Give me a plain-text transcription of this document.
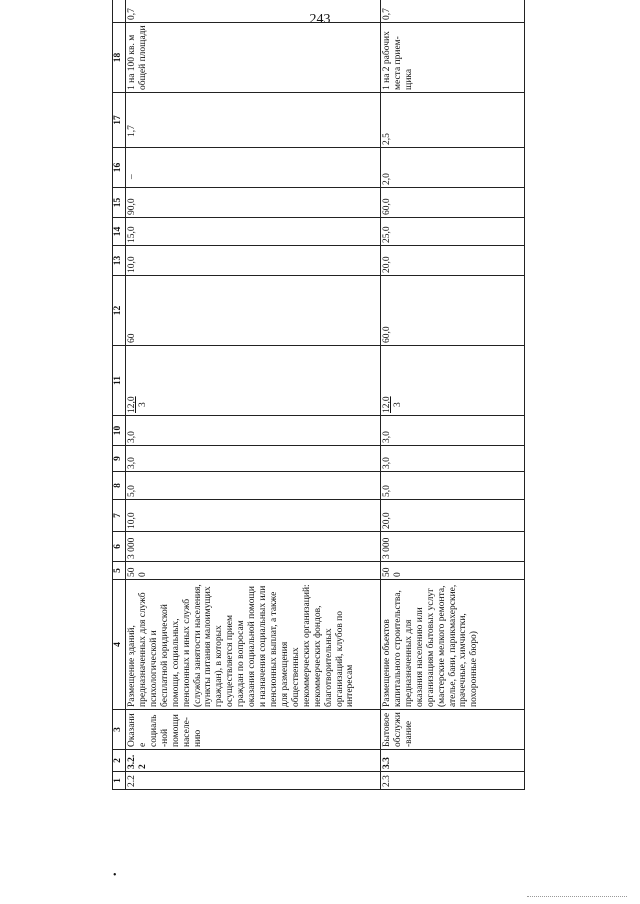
243
1	2	3	4	5	6	7	8	9	10	11	12	13	14	15	16	17	18	
2.2	3.2.2	Оказание социаль-ной помощи населе-нию	Размещение зданий, предназначенных для служб психологической и бесплатной юридической помощи, социальных, пенсионных и иных служб (службы занятости населения, пункты питания малоимущих граждан), в которых осуществляется прием граждан по вопросам оказания социальной помощи и назначения социальных или пенсионных выплат, а также для размещения общественных некоммерческих организаций: некоммерческих фондов, благотворительных организаций, клубов по интересам	500	3 000	10,0	5,0	3,0	3,0	12,0 3	60	10,0	15,0	90,0	–	1,7	1 на 100 кв. м общей площади	0,7
2.3	3.3	Бытовое обслужи-вание	Размещение объектов капитального строительства, предназначенных для оказания населению или организациям бытовых услуг (мастерские мелкого ремонта, ателье, бани, парикмахерские, прачечные, химчистки, похоронные бюро)	500	3 000	20,0	5,0	3,0	3,0	12,0 3	60,0	20,0	25,0	60,0	2,0	2,5	1 на 2 рабочих места прием-щика	0,7
•
